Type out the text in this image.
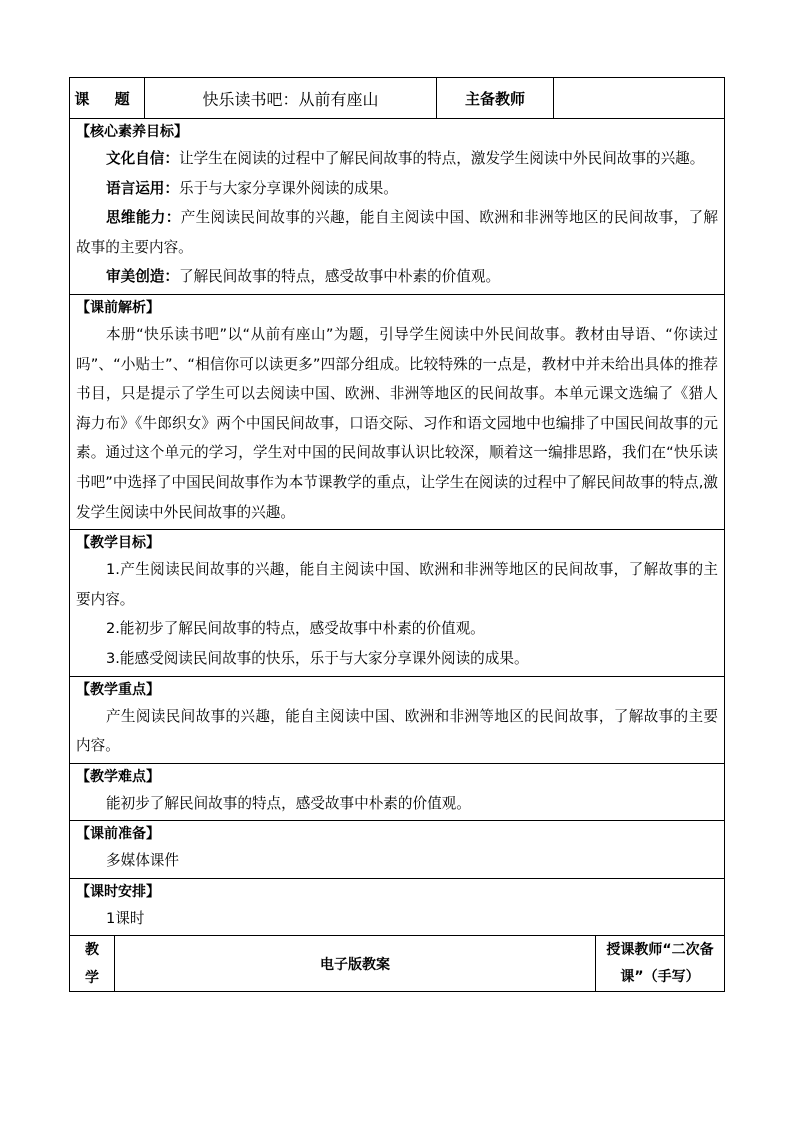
课 题	快乐读书吧：从前有座山	主备教师
【核心素养目标】
文化自信：让学生在阅读的过程中了解民间故事的特点，激发学生阅读中外民间故事的兴趣。
语言运用：乐于与大家分享课外阅读的成果。
思维能力：产生阅读民间故事的兴趣，能自主阅读中国、欧洲和非洲等地区的民间故事，了解故事的主要内容。
审美创造：了解民间故事的特点，感受故事中朴素的价值观。
【课前解析】
本册“快乐读书吧”以“从前有座山”为题，引导学生阅读中外民间故事。教材由导语、“你读过吗”、“小贴士”、“相信你可以读更多”四部分组成。比较特殊的一点是，教材中并未给出具体的推荐书目，只是提示了学生可以去阅读中国、欧洲、非洲等地区的民间故事。本单元课文选编了《猎人海力布》《牛郎织女》两个中国民间故事，口语交际、习作和语文园地中也编排了中国民间故事的元素。通过这个单元的学习，学生对中国的民间故事认识比较深，顺着这一编排思路，我们在“快乐读书吧”中选择了中国民间故事作为本节课教学的重点，让学生在阅读的过程中了解民间故事的特点,激发学生阅读中外民间故事的兴趣。
【教学目标】
1.产生阅读民间故事的兴趣，能自主阅读中国、欧洲和非洲等地区的民间故事，了解故事的主要内容。
2.能初步了解民间故事的特点，感受故事中朴素的价值观。
3.能感受阅读民间故事的快乐，乐于与大家分享课外阅读的成果。
【教学重点】
产生阅读民间故事的兴趣，能自主阅读中国、欧洲和非洲等地区的民间故事，了解故事的主要内容。
【教学难点】
能初步了解民间故事的特点，感受故事中朴素的价值观。
【课前准备】
多媒体课件
【课时安排】
1课时
教
学
电子版教案
授课教师“二次备
课”（手写）
